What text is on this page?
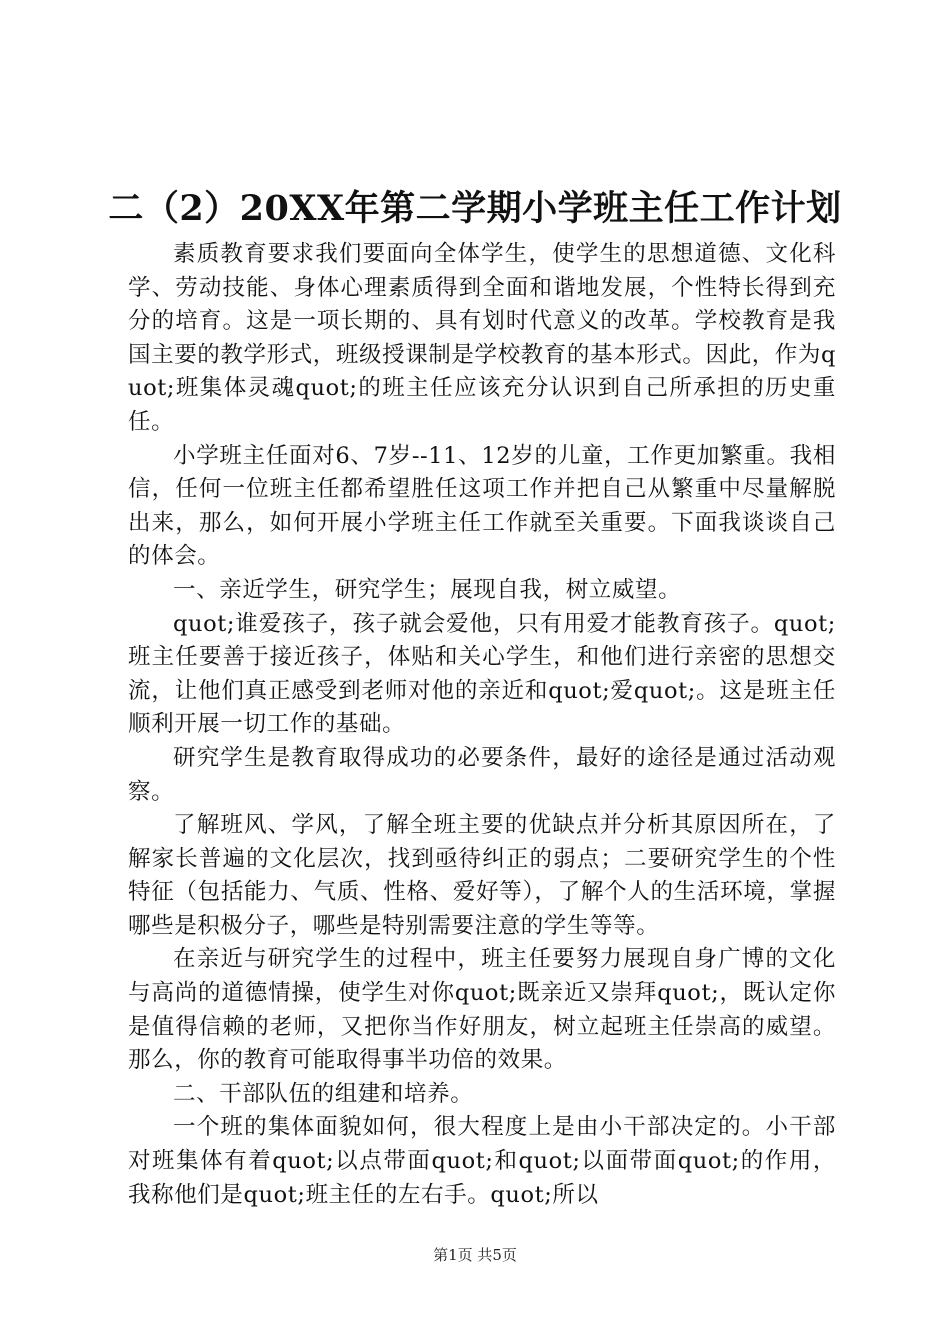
二（2）20XX年第二学期小学班主任工作计划

素质教育要求我们要面向全体学生，使学生的思想道德、文化科学、劳动技能、身体心理素质得到全面和谐地发展，个性特长得到充分的培育。这是一项长期的、具有划时代意义的改革。学校教育是我国主要的教学形式，班级授课制是学校教育的基本形式。因此，作为quot;班集体灵魂quot;的班主任应该充分认识到自己所承担的历史重任。

小学班主任面对6、7岁--11、12岁的儿童，工作更加繁重。我相信，任何一位班主任都希望胜任这项工作并把自己从繁重中尽量解脱出来，那么，如何开展小学班主任工作就至关重要。下面我谈谈自己的体会。

一、亲近学生，研究学生；展现自我，树立威望。

quot;谁爱孩子，孩子就会爱他，只有用爱才能教育孩子。quot;班主任要善于接近孩子，体贴和关心学生，和他们进行亲密的思想交流，让他们真正感受到老师对他的亲近和quot;爱quot;。这是班主任顺利开展一切工作的基础。

研究学生是教育取得成功的必要条件，最好的途径是通过活动观察。

了解班风、学风，了解全班主要的优缺点并分析其原因所在，了解家长普遍的文化层次，找到亟待纠正的弱点；二要研究学生的个性特征（包括能力、气质、性格、爱好等），了解个人的生活环境，掌握哪些是积极分子，哪些是特别需要注意的学生等等。

在亲近与研究学生的过程中，班主任要努力展现自身广博的文化与高尚的道德情操，使学生对你quot;既亲近又崇拜quot;，既认定你是值得信赖的老师，又把你当作好朋友，树立起班主任崇高的威望。那么，你的教育可能取得事半功倍的效果。

二、干部队伍的组建和培养。

一个班的集体面貌如何，很大程度上是由小干部决定的。小干部对班集体有着quot;以点带面quot;和quot;以面带面quot;的作用，我称他们是quot;班主任的左右手。quot;所以

第1页 共5页
